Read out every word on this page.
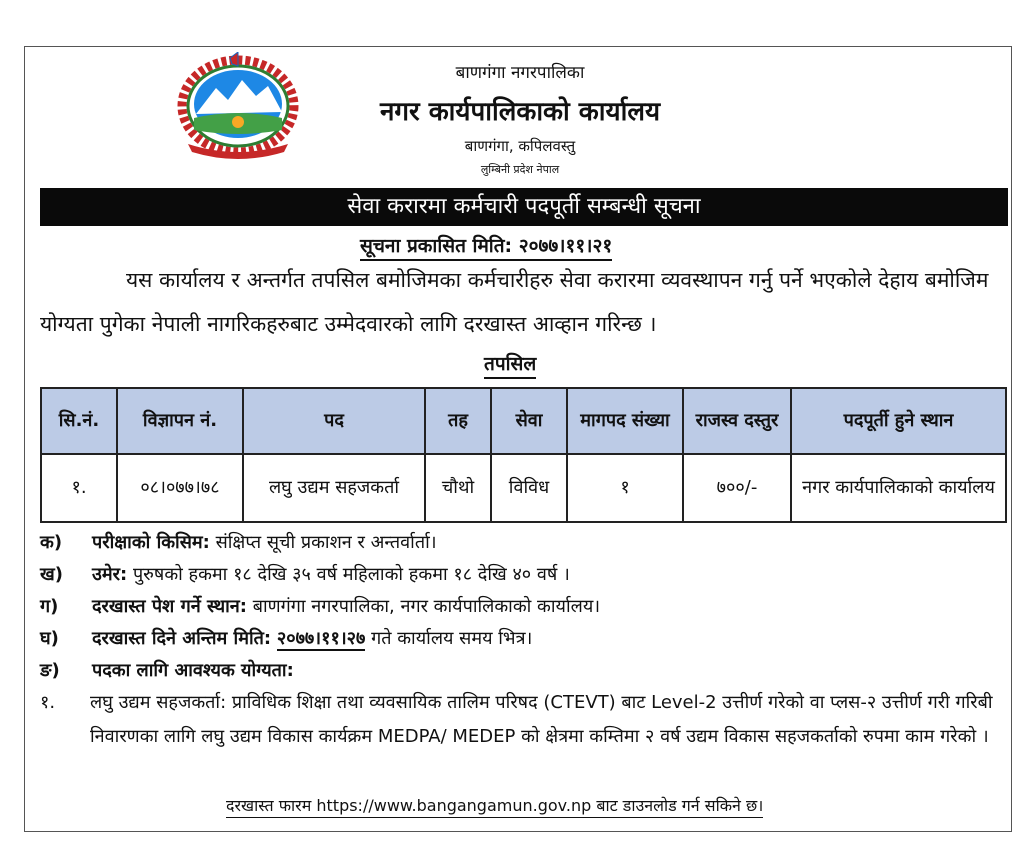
बाणगंगा नगरपालिका
नगर कार्यपालिकाको कार्यालय
बाणगंगा, कपिलवस्तु
लुम्बिनी प्रदेश नेपाल
सेवा करारमा कर्मचारी पदपूर्ती सम्बन्धी सूचना
सूचना प्रकासित मिति: २०७७।११।२१
यस कार्यालय र अन्तर्गत तपसिल बमोजिमका कर्मचारीहरु सेवा करारमा व्यवस्थापन गर्नु पर्ने भएकोले देहाय बमोजिम योग्यता पुगेका नेपाली नागरिकहरुबाट उम्मेदवारको लागि दरखास्त आव्हान गरिन्छ ।
तपसिल
सि.नं.	विज्ञापन नं.	पद	तह	सेवा	मागपद संख्या	राजस्व दस्तुर	पदपूर्ती हुने स्थान
१.	०८।०७७।७८	लघु उद्यम सहजकर्ता	चौथो	विविध	१	७००/-	नगर कार्यपालिकाको कार्यालय
क) परीक्षाको किसिम: संक्षिप्त सूची प्रकाशन र अन्तर्वार्ता।
ख) उमेर: पुरुषको हकमा १८ देखि ३५ वर्ष महिलाको हकमा १८ देखि ४० वर्ष ।
ग) दरखास्त पेश गर्ने स्थान: बाणगंगा नगरपालिका, नगर कार्यपालिकाको कार्यालय।
घ) दरखास्त दिने अन्तिम मिति: २०७७।११।२७ गते कार्यालय समय भित्र।
ङ) पदका लागि आवश्यक योग्यता:
१. लघु उद्यम सहजकर्ता: प्राविधिक शिक्षा तथा व्यवसायिक तालिम परिषद (CTEVT) बाट Level-2 उत्तीर्ण गरेको वा प्लस-२ उत्तीर्ण गरी गरिबी निवारणका लागि लघु उद्यम विकास कार्यक्रम MEDPA/ MEDEP को क्षेत्रमा कम्तिमा २ वर्ष उद्यम विकास सहजकर्ताको रुपमा काम गरेको ।
दरखास्त फारम https://www.bangangamun.gov.np बाट डाउनलोड गर्न सकिने छ।
